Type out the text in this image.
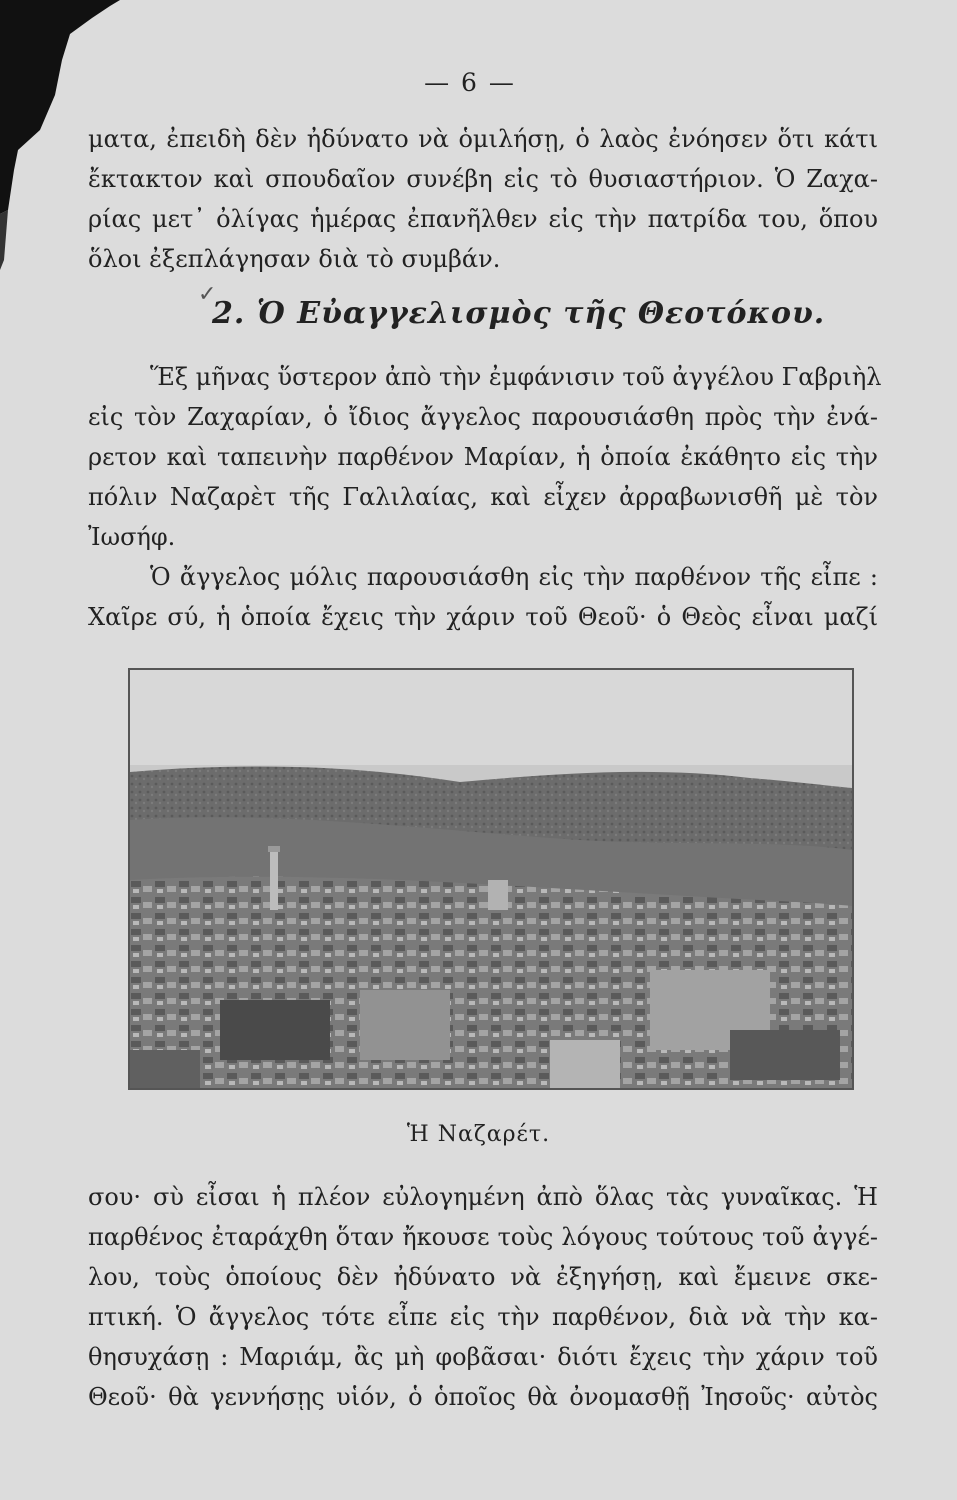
— 6 —
ματα, ἐπειδὴ δὲν ἠδύνατο νὰ ὁμιλήσῃ, ὁ λαὸς ἐνόησεν ὅτι κάτι
ἔκτακτον καὶ σπουδαῖον συνέβη εἰς τὸ θυσιαστήριον. Ὁ Ζαχα-
ρίας μετ᾿ ὀλίγας ἡμέρας ἐπανῆλθεν εἰς τὴν πατρίδα του, ὅπου
ὅλοι ἐξεπλάγησαν διὰ τὸ συμβάν.
✓
2. Ὁ Εὐαγγελισμὸς τῆς Θεοτόκου.
Ἕξ μῆνας ὕστερον ἀπὸ τὴν ἐμφάνισιν τοῦ ἀγγέλου Γαβριὴλ
εἰς τὸν Ζαχαρίαν, ὁ ἴδιος ἄγγελος παρουσιάσθη πρὸς τὴν ἐνά-
ρετον καὶ ταπεινὴν παρθένον Μαρίαν, ἡ ὁποία ἐκάθητο εἰς τὴν
πόλιν Ναζαρὲτ τῆς Γαλιλαίας, καὶ εἶχεν ἀρραβωνισθῆ μὲ τὸν
Ἰωσήφ.
Ὁ ἄγγελος μόλις παρουσιάσθη εἰς τὴν παρθένον τῆς εἶπε :
Χαῖρε σύ, ἡ ὁποία ἔχεις τὴν χάριν τοῦ Θεοῦ· ὁ Θεὸς εἶναι μαζί
Ἡ Ναζαρέτ.
σου· σὺ εἶσαι ἡ πλέον εὐλογημένη ἀπὸ ὅλας τὰς γυναῖκας. Ἡ
παρθένος ἐταράχθη ὅταν ἤκουσε τοὺς λόγους τούτους τοῦ ἀγγέ-
λου, τοὺς ὁποίους δὲν ἠδύνατο νὰ ἐξηγήσῃ, καὶ ἔμεινε σκε-
πτική. Ὁ ἄγγελος τότε εἶπε εἰς τὴν παρθένον, διὰ νὰ τὴν κα-
θησυχάσῃ : Μαριάμ, ἂς μὴ φοβᾶσαι· διότι ἔχεις τὴν χάριν τοῦ
Θεοῦ· θὰ γεννήσῃς υἱόν, ὁ ὁποῖος θὰ ὀνομασθῇ Ἰησοῦς· αὐτὸς
